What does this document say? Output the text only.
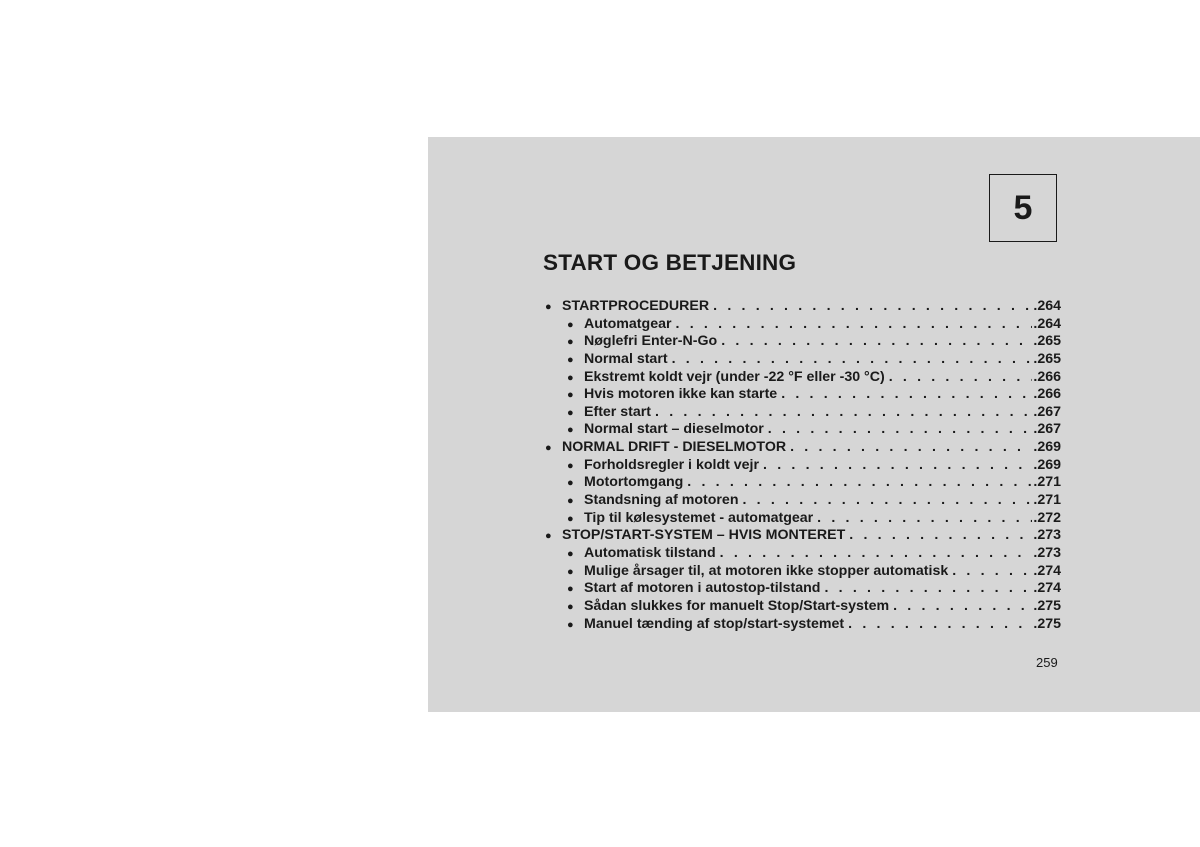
5
START OG BETJENING
● STARTPROCEDURER . . .	.264
● Automatgear . . .	.264
● Nøglefri Enter-N-Go . . .	.265
● Normal start . . .	.265
● Ekstremt koldt vejr (under -22 °F eller -30 °C) . . .	.266
● Hvis motoren ikke kan starte . . .	.266
● Efter start . . .	.267
● Normal start – dieselmotor . . .	.267
● NORMAL DRIFT - DIESELMOTOR . . .	.269
● Forholdsregler i koldt vejr . . .	.269
● Motortomgang . . .	.271
● Standsning af motoren . . .	.271
● Tip til kølesystemet - automatgear . . .	.272
● STOP/START-SYSTEM – HVIS MONTERET . . .	.273
● Automatisk tilstand . . .	.273
● Mulige årsager til, at motoren ikke stopper automatisk . . .	.274
● Start af motoren i autostop-tilstand . . .	.274
● Sådan slukkes for manuelt Stop/Start-system . . .	.275
● Manuel tænding af stop/start-systemet . . .	.275
259
